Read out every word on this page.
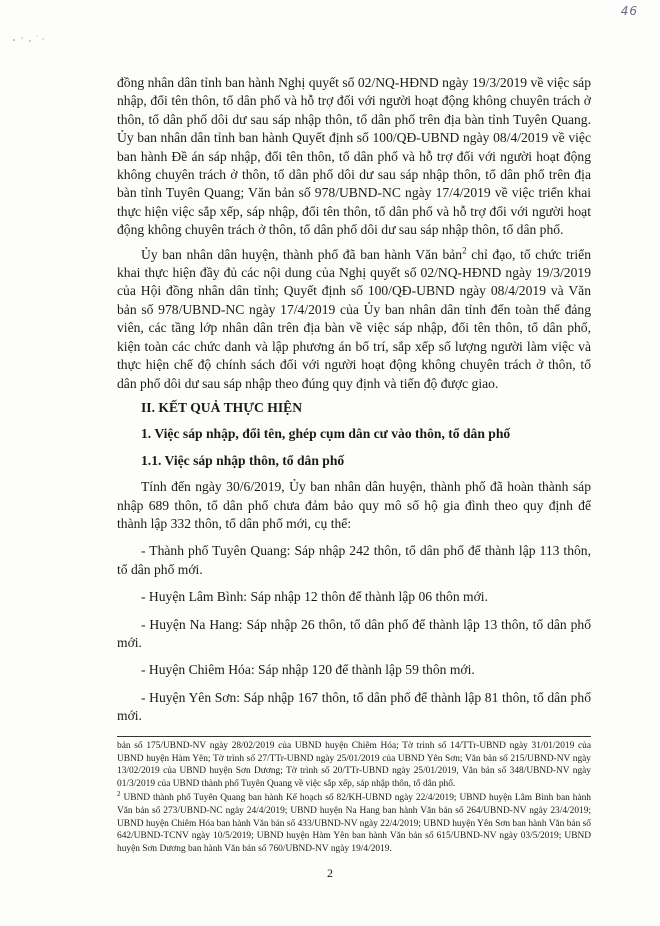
46

đồng nhân dân tỉnh ban hành Nghị quyết số 02/NQ-HĐND ngày 19/3/2019 về việc sáp nhập, đổi tên thôn, tổ dân phố và hỗ trợ đối với người hoạt động không chuyên trách ở thôn, tổ dân phố dôi dư sau sáp nhập thôn, tổ dân phố trên địa bàn tỉnh Tuyên Quang. Ủy ban nhân dân tỉnh ban hành Quyết định số 100/QĐ-UBND ngày 08/4/2019 về việc ban hành Đề án sáp nhập, đổi tên thôn, tổ dân phố và hỗ trợ đối với người hoạt động không chuyên trách ở thôn, tổ dân phố dôi dư sau sáp nhập thôn, tổ dân phố trên địa bàn tỉnh Tuyên Quang; Văn bản số 978/UBND-NC ngày 17/4/2019 về việc triển khai thực hiện việc sắp xếp, sáp nhập, đổi tên thôn, tổ dân phố và hỗ trợ đối với người hoạt động không chuyên trách ở thôn, tổ dân phố dôi dư sau sáp nhập thôn, tổ dân phố.

Ủy ban nhân dân huyện, thành phố đã ban hành Văn bản$^2$ chỉ đạo, tổ chức triển khai thực hiện đầy đủ các nội dung của Nghị quyết số 02/NQ-HĐND ngày 19/3/2019 của Hội đồng nhân dân tỉnh; Quyết định số 100/QĐ-UBND ngày 08/4/2019 và Văn bản số 978/UBND-NC ngày 17/4/2019 của Ủy ban nhân dân tỉnh đến toàn thể đảng viên, các tầng lớp nhân dân trên địa bàn về việc sáp nhập, đổi tên thôn, tổ dân phố, kiện toàn các chức danh và lập phương án bố trí, sắp xếp số lượng người làm việc và thực hiện chế độ chính sách đối với người hoạt động không chuyên trách ở thôn, tổ dân phố dôi dư sau sáp nhập theo đúng quy định và tiến độ được giao.

II. KẾT QUẢ THỰC HIỆN

1. Việc sáp nhập, đổi tên, ghép cụm dân cư vào thôn, tổ dân phố

1.1. Việc sáp nhập thôn, tổ dân phố

Tính đến ngày 30/6/2019, Ủy ban nhân dân huyện, thành phố đã hoàn thành sáp nhập 689 thôn, tổ dân phố chưa đảm bảo quy mô số hộ gia đình theo quy định để thành lập 332 thôn, tổ dân phố mới, cụ thể:

- Thành phố Tuyên Quang: Sáp nhập 242 thôn, tổ dân phố để thành lập 113 thôn, tổ dân phố mới.

- Huyện Lâm Bình: Sáp nhập 12 thôn để thành lập 06 thôn mới.

- Huyện Na Hang: Sáp nhập 26 thôn, tổ dân phố để thành lập 13 thôn, tổ dân phố mới.

- Huyện Chiêm Hóa: Sáp nhập 120 để thành lập 59 thôn mới.

- Huyện Yên Sơn: Sáp nhập 167 thôn, tổ dân phố để thành lập 81 thôn, tổ dân phố mới.

bản số 175/UBND-NV ngày 28/02/2019 của UBND huyện Chiêm Hóa; Tờ trình số 14/TTr-UBND ngày 31/01/2019 của UBND huyện Hàm Yên; Tờ trình số 27/TTr-UBND ngày 25/01/2019 của UBND Yên Sơn; Văn bản số 215/UBND-NV ngày 13/02/2019 của UBND huyện Sơn Dương; Tờ trình số 20/TTr-UBND ngày 25/01/2019, Văn bản số 348/UBND-NV ngày 01/3/2019 của UBND thành phố Tuyên Quang về việc sắp xếp, sáp nhập thôn, tổ dân phố.

$^2$ UBND thành phố Tuyên Quang ban hành Kế hoạch số 82/KH-UBND ngày 22/4/2019; UBND huyện Lâm Bình ban hành Văn bản số 273/UBND-NC ngày 24/4/2019; UBND huyện Na Hang ban hành Văn bản số 264/UBND-NV ngày 23/4/2019; UBND huyện Chiêm Hóa ban hành Văn bản số 433/UBND-NV ngày 22/4/2019; UBND huyện Yên Sơn ban hành Văn bản số 642/UBND-TCNV ngày 10/5/2019; UBND huyện Hàm Yên ban hành Văn bản số 615/UBND-NV ngày 03/5/2019; UBND huyện Sơn Dương ban hành Văn bản số 760/UBND-NV ngày 19/4/2019.

2
